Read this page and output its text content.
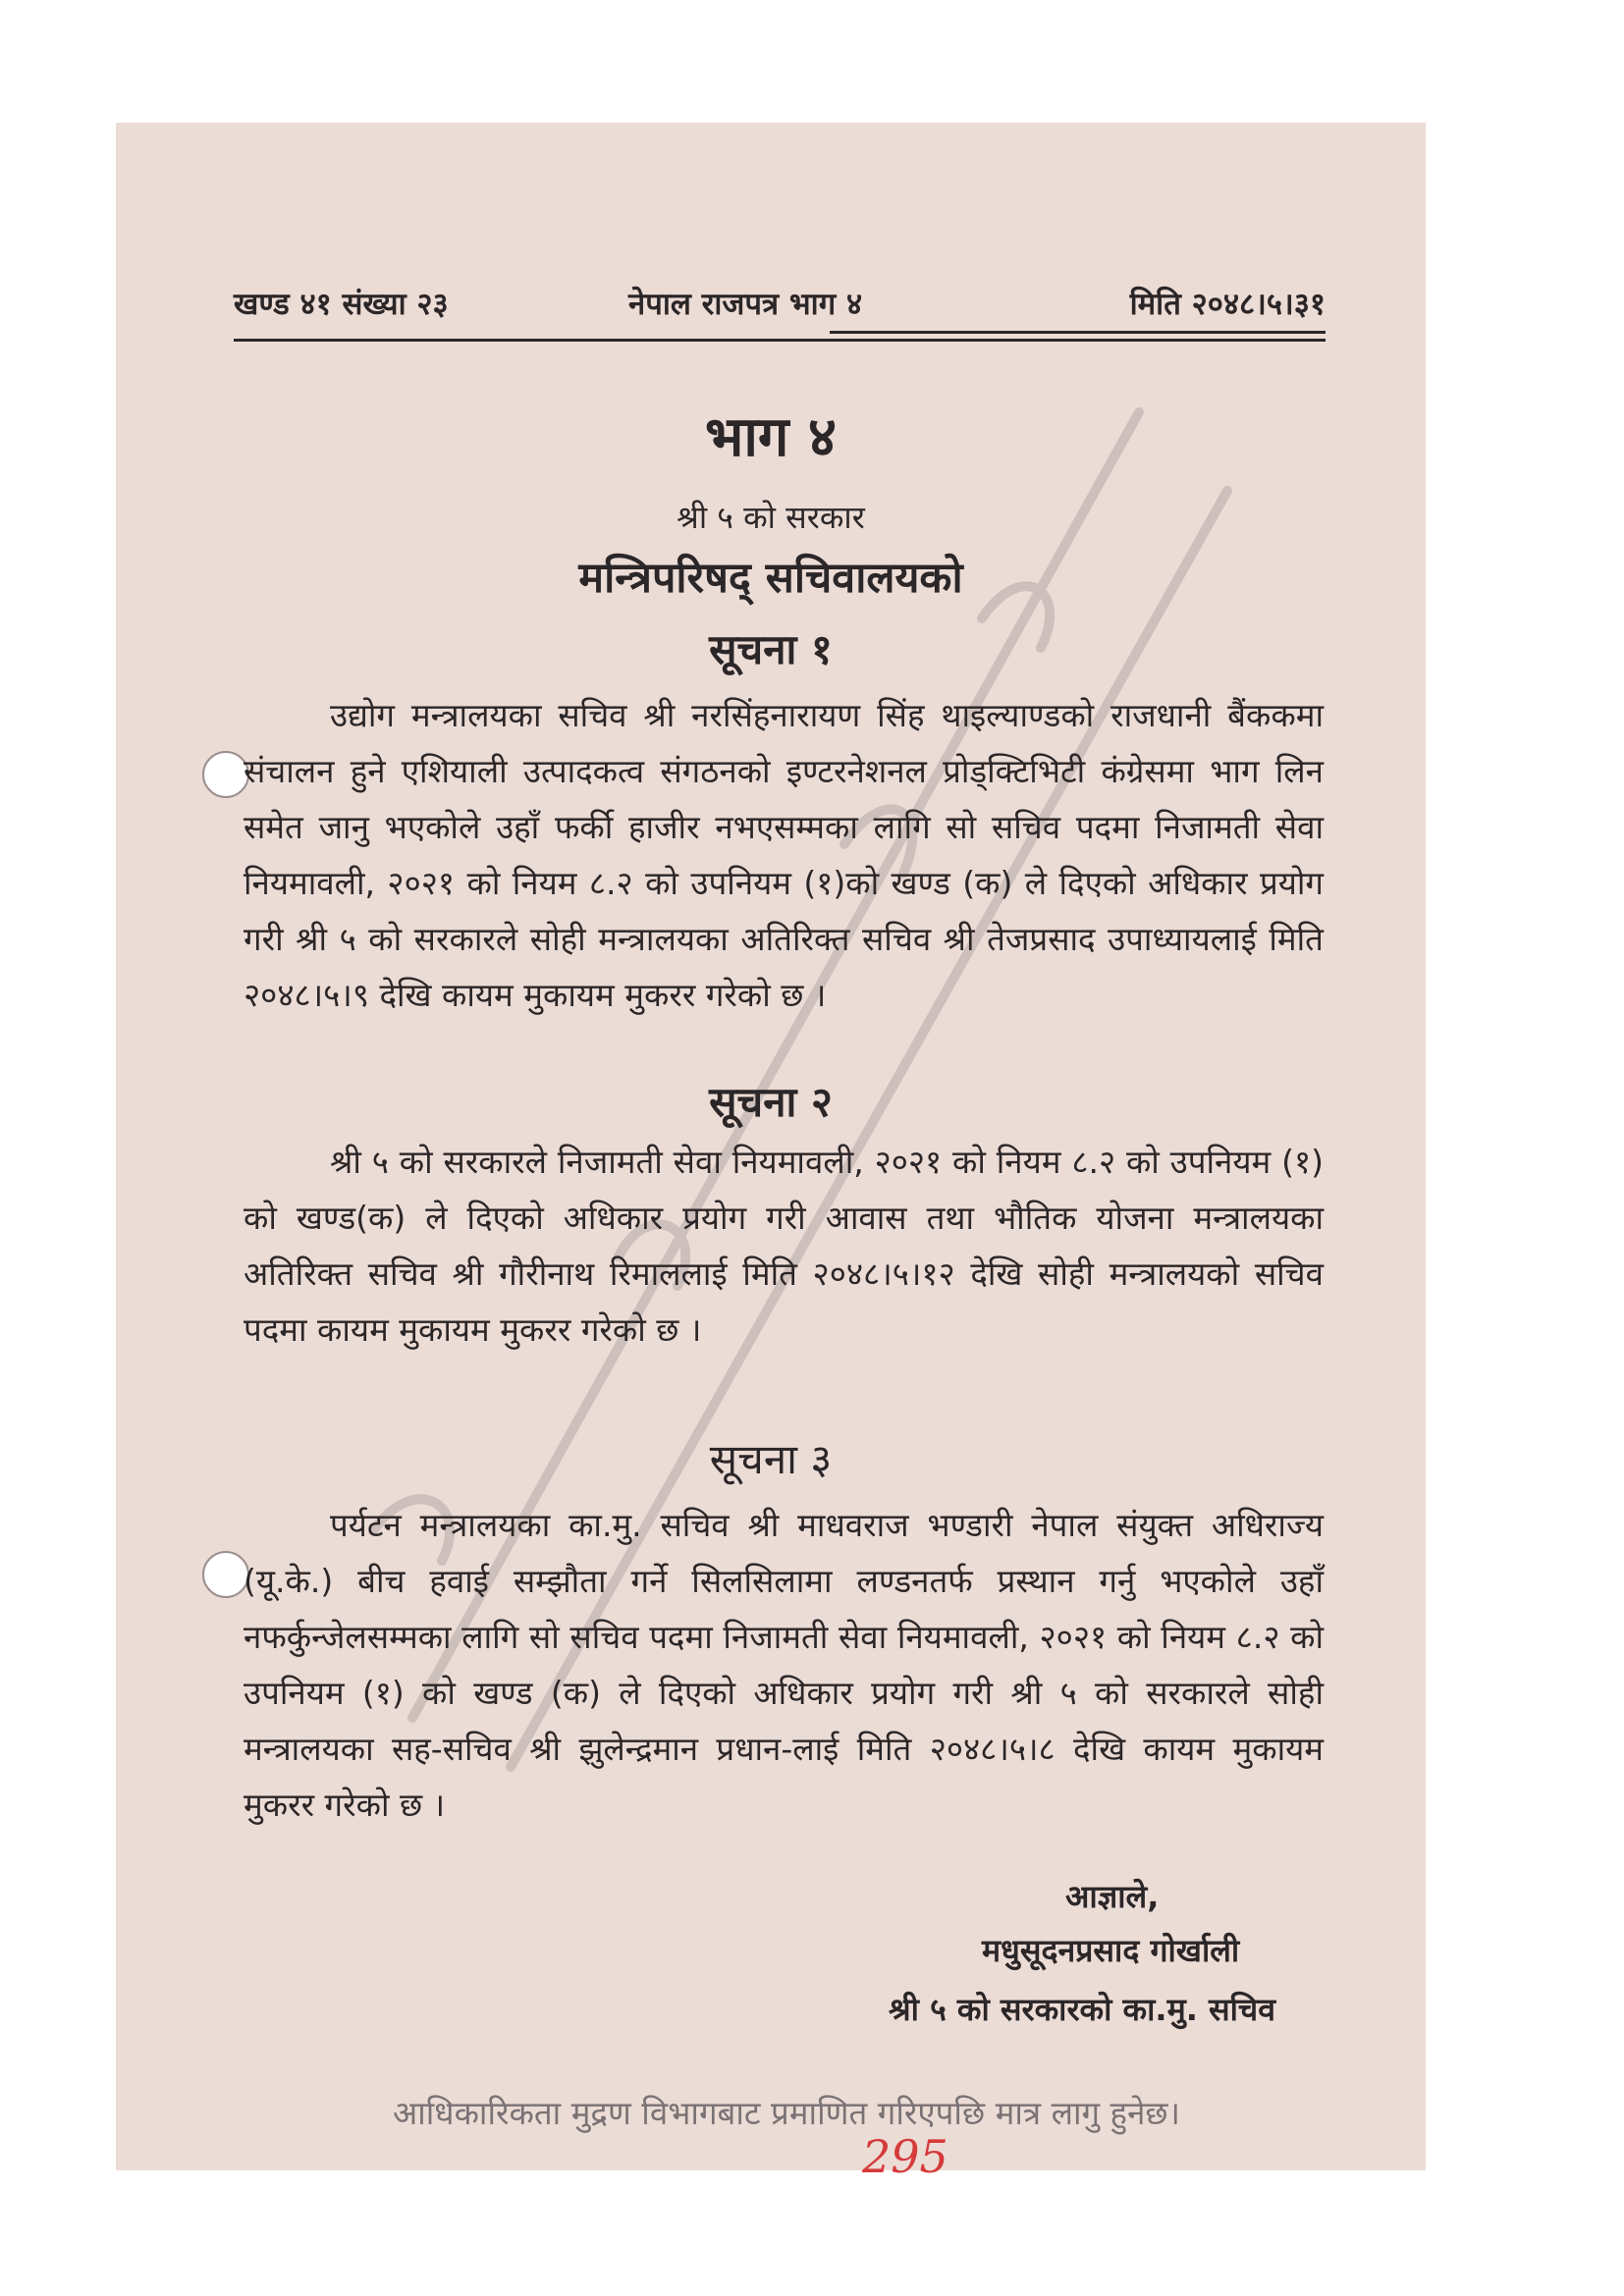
खण्ड ४१ संख्या २३	नेपाल राजपत्र भाग ४	मिति २०४८।५।३१
भाग ४
श्री ५ को सरकार
मन्त्रिपरिषद् सचिवालयको
सूचना १

उद्योग मन्त्रालयका सचिव श्री नरसिंहनारायण सिंह थाइल्याण्डको राजधानी बैंककमा संचालन हुने एशियाली उत्पादकत्व संगठनको इण्टरनेशनल प्रोड्क्टिभिटी कंग्रेसमा भाग लिन समेत जानु भएकोले उहाँ फर्की हाजीर नभएसम्मका लागि सो सचिव पदमा निजामती सेवा नियमावली, २०२१ को नियम ८.२ को उपनियम (१)को खण्ड (क) ले दिएको अधिकार प्रयोग गरी श्री ५ को सरकारले सोही मन्त्रालयका अतिरिक्त सचिव श्री तेजप्रसाद उपाध्यायलाई मिति २०४८।५।९ देखि कायम मुकायम मुकरर गरेको छ ।

सूचना २

श्री ५ को सरकारले निजामती सेवा नियमावली, २०२१ को नियम ८.२ को उपनियम (१) को खण्ड(क) ले दिएको अधिकार प्रयोग गरी आवास तथा भौतिक योजना मन्त्रालयका अतिरिक्त सचिव श्री गौरीनाथ रिमाललाई मिति २०४८।५।१२ देखि सोही मन्त्रालयको सचिव पदमा कायम मुकायम मुकरर गरेको छ ।

सूचना ३

पर्यटन मन्त्रालयका का.मु. सचिव श्री माधवराज भण्डारी नेपाल संयुक्त अधिराज्य (यू.के.) बीच हवाई सम्झौता गर्ने सिलसिलामा लण्डनतर्फ प्रस्थान गर्नु भएकोले उहाँ नफर्कुन्जेलसम्मका लागि सो सचिव पदमा निजामती सेवा नियमावली, २०२१ को नियम ८.२ को उपनियम (१) को खण्ड (क) ले दिएको अधिकार प्रयोग गरी श्री ५ को सरकारले सोही मन्त्रालयका सह-सचिव श्री झुलेन्द्रमान प्रधान-लाई मिति २०४८।५।८ देखि कायम मुकायम मुकरर गरेको छ ।

आज्ञाले,
मधुसूदनप्रसाद गोर्खाली
श्री ५ को सरकारको का.मु. सचिव
आधिकारिकता मुद्रण विभागबाट प्रमाणित गरिएपछि मात्र लागु हुनेछ।
295
